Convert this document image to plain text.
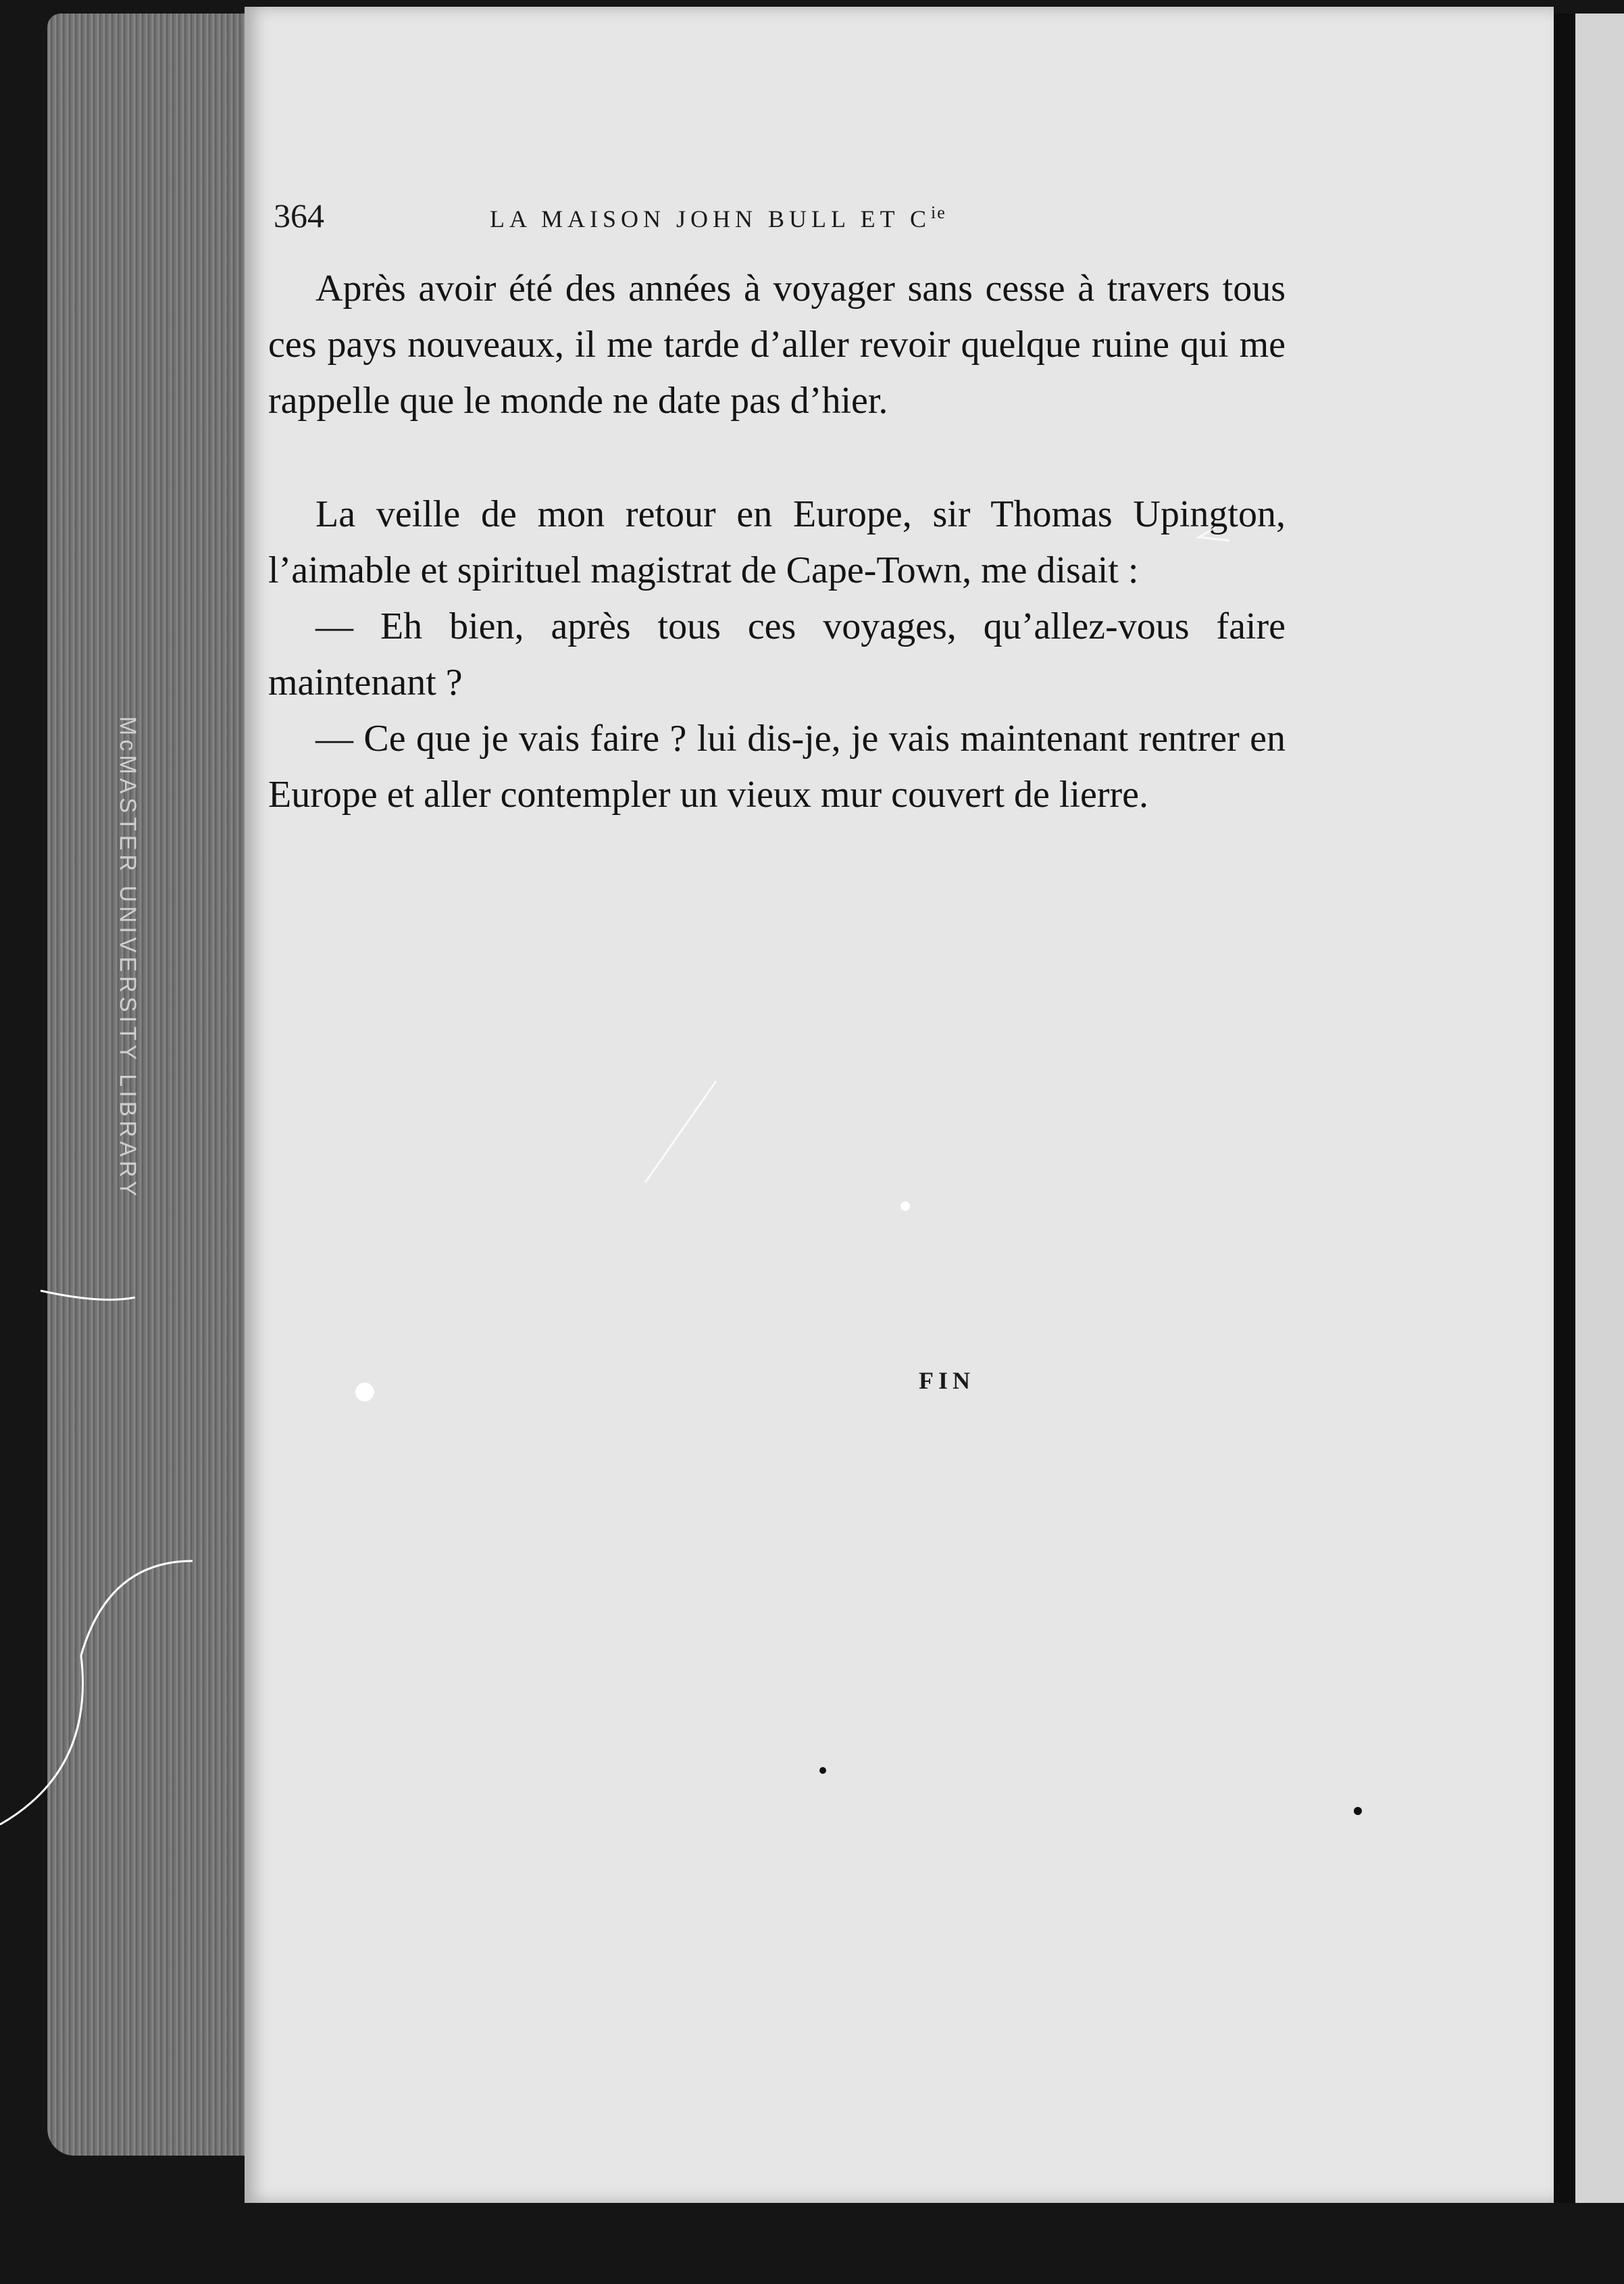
McMASTER UNIVERSITY LIBRARY
364	LA MAISON JOHN BULL ET $C^{ie}$

Après avoir été des années à voyager sans cesse à travers tous ces pays nouveaux, il me tarde d’aller revoir quelque ruine qui me rappelle que le monde ne date pas d’hier.

La veille de mon retour en Europe, sir Thomas Upington, l’aimable et spirituel magistrat de Cape-Town, me disait :

— Eh bien, après tous ces voyages, qu’allez-vous faire maintenant ?

— Ce que je vais faire ? lui dis-je, je vais maintenant rentrer en Europe et aller contempler un vieux mur couvert de lierre.

FIN
